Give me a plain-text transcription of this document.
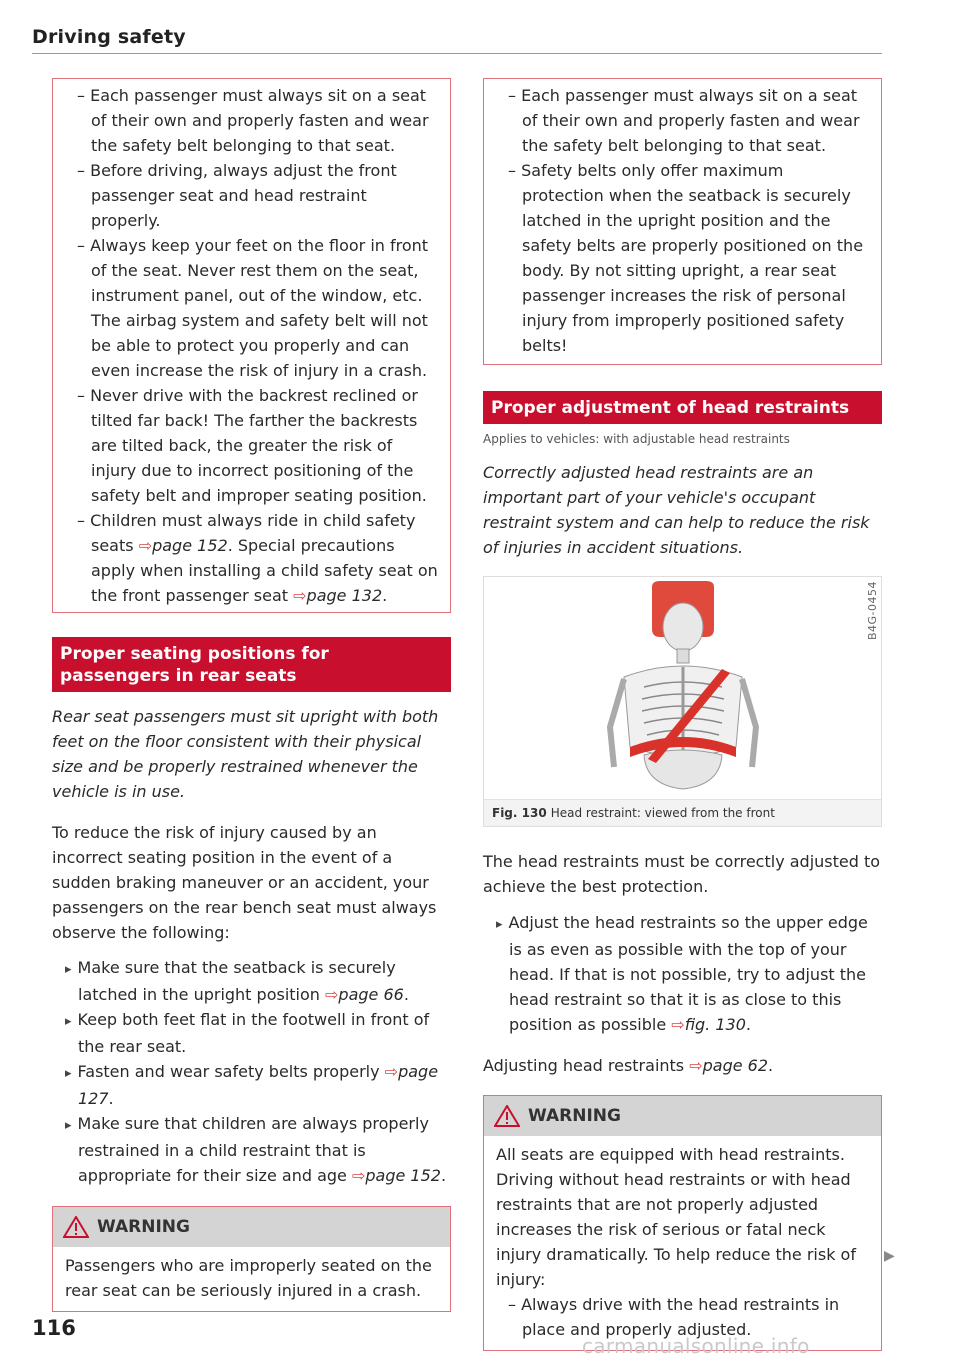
Driving safety

– Each passenger must always sit on a seat of their own and properly fasten and wear the safety belt belonging to that seat.

– Before driving, always adjust the front passenger seat and head restraint properly.

– Always keep your feet on the floor in front of the seat. Never rest them on the seat, instrument panel, out of the window, etc. The airbag system and safety belt will not be able to protect you properly and can even increase the risk of injury in a crash.

– Never drive with the backrest reclined or tilted far back! The farther the backrests are tilted back, the greater the risk of injury due to incorrect positioning of the safety belt and improper seating position.

– Children must always ride in child safety seats ⇨page 152. Special precautions apply when installing a child safety seat on the front passenger seat ⇨page 132.

Proper seating positions for passengers in rear seats

Rear seat passengers must sit upright with both feet on the floor consistent with their physical size and be properly restrained whenever the vehicle is in use.

To reduce the risk of injury caused by an incorrect seating position in the event of a sudden braking maneuver or an accident, your passengers on the rear bench seat must always observe the following:

▸ Make sure that the seatback is securely latched in the upright position ⇨page 66.

▸ Keep both feet flat in the footwell in front of the rear seat.

▸ Fasten and wear safety belts properly ⇨page 127.

▸ Make sure that children are always properly restrained in a child restraint that is appropriate for their size and age ⇨page 152.

WARNING

Passengers who are improperly seated on the rear seat can be seriously injured in a crash.

– Each passenger must always sit on a seat of their own and properly fasten and wear the safety belt belonging to that seat.

– Safety belts only offer maximum protection when the seatback is securely latched in the upright position and the safety belts are properly positioned on the body. By not sitting upright, a rear seat passenger increases the risk of personal injury from improperly positioned safety belts!

Proper adjustment of head restraints
Applies to vehicles: with adjustable head restraints

Correctly adjusted head restraints are an important part of your vehicle's occupant restraint system and can help to reduce the risk of injuries in accident situations.

B4G-0454
Fig. 130 Head restraint: viewed from the front

The head restraints must be correctly adjusted to achieve the best protection.

▸ Adjust the head restraints so the upper edge is as even as possible with the top of your head. If that is not possible, try to adjust the head restraint so that it is as close to this position as possible ⇨fig. 130.

Adjusting head restraints ⇨page 62.

WARNING

All seats are equipped with head restraints. Driving without head restraints or with head restraints that are not properly adjusted increases the risk of serious or fatal neck injury dramatically. To help reduce the risk of injury:

– Always drive with the head restraints in place and properly adjusted.

▶
116
carmanualsonline.info
